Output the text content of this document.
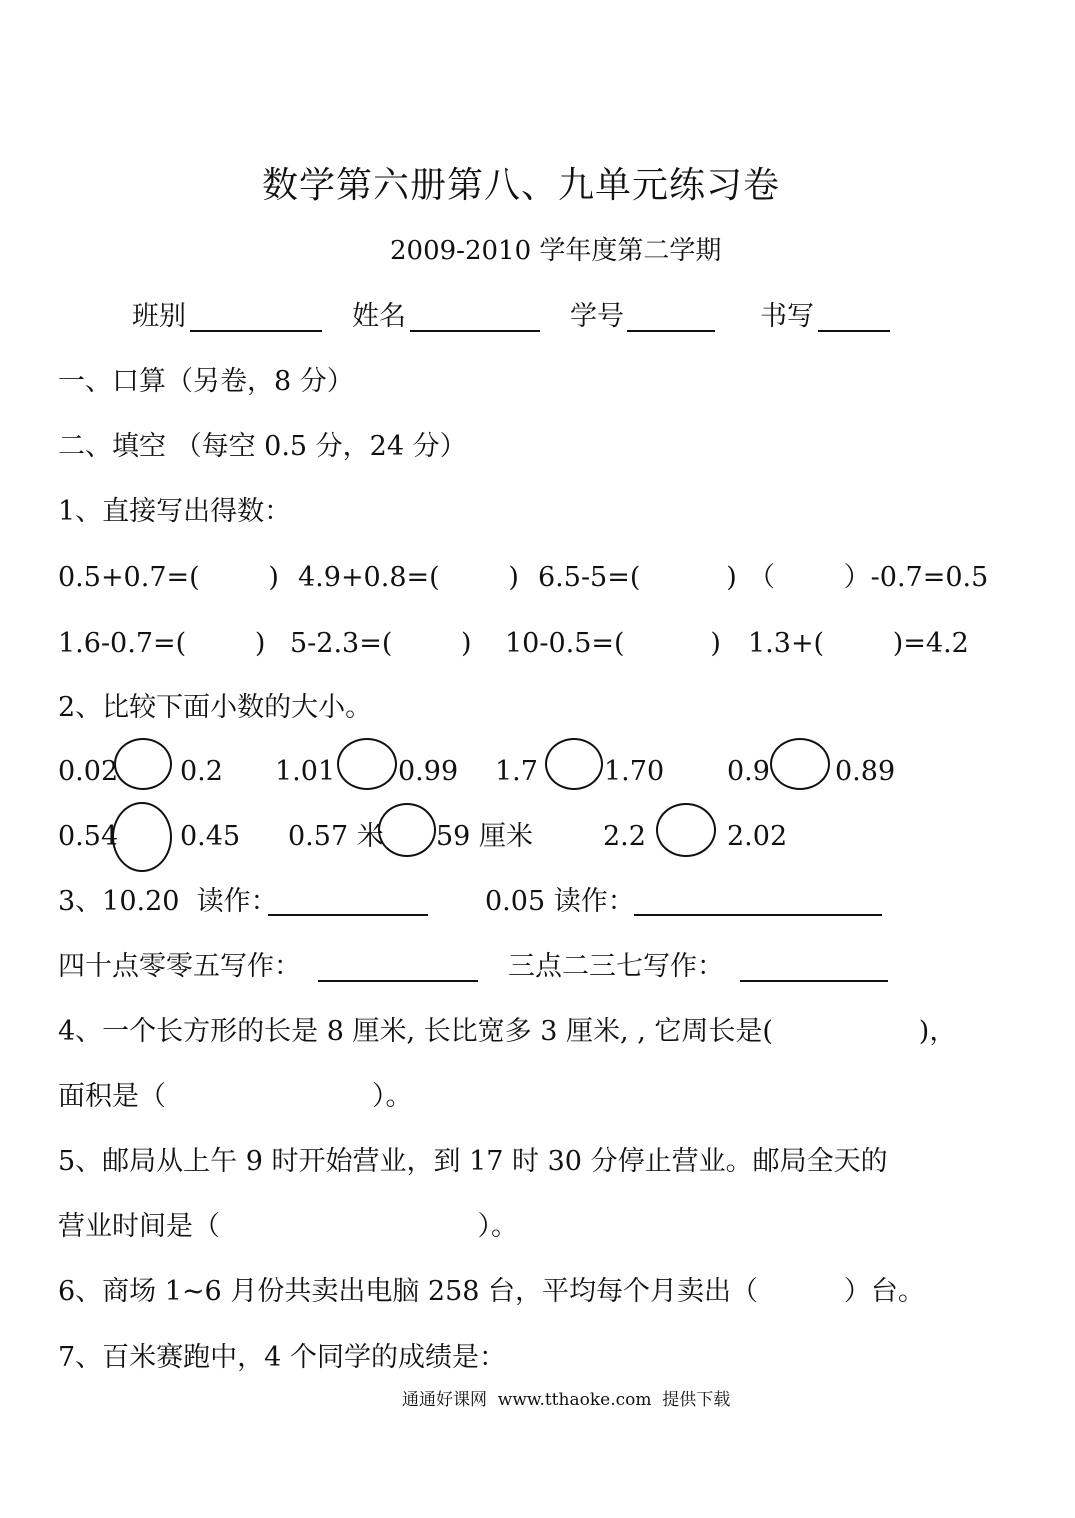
数学第六册第八、九单元练习卷
2009-2010 学年度第二学期
班别	姓名	学号	书写
一、口算（另卷，8 分）
二、填空 （每空 0.5 分，24 分）
1、直接写出得数：
0.5+0.7=(        ) 4.9+0.8=(        ) 6.5-5=(          ) （        ）-0.7=0.5
1.6-0.7=(        ) 5-2.3=(        ) 10-0.5=(          ) 1.3+(        )=4.2
2、比较下面小数的大小。
0.02 0.2 1.01 0.99 1.7 1.70 0.9 0.89
0.54 0.45 0.57 米 59 厘米	2.2	2.02
3、10.20  读作：	0.05 读作：
四十点零零五写作：	三点二三七写作：
4、一个长方形的长是 8 厘米, 长比宽多 3 厘米, , 它周长是(                 )，
面积是（                        ）。
5、邮局从上午 9 时开始营业，到 17 时 30 分停止营业。邮局全天的
营业时间是（                              ）。
6、商场 1~6 月份共卖出电脑 258 台，平均每个月卖出（          ）台。
7、百米赛跑中，4 个同学的成绩是：
通通好课网  www.tthaoke.com  提供下载
